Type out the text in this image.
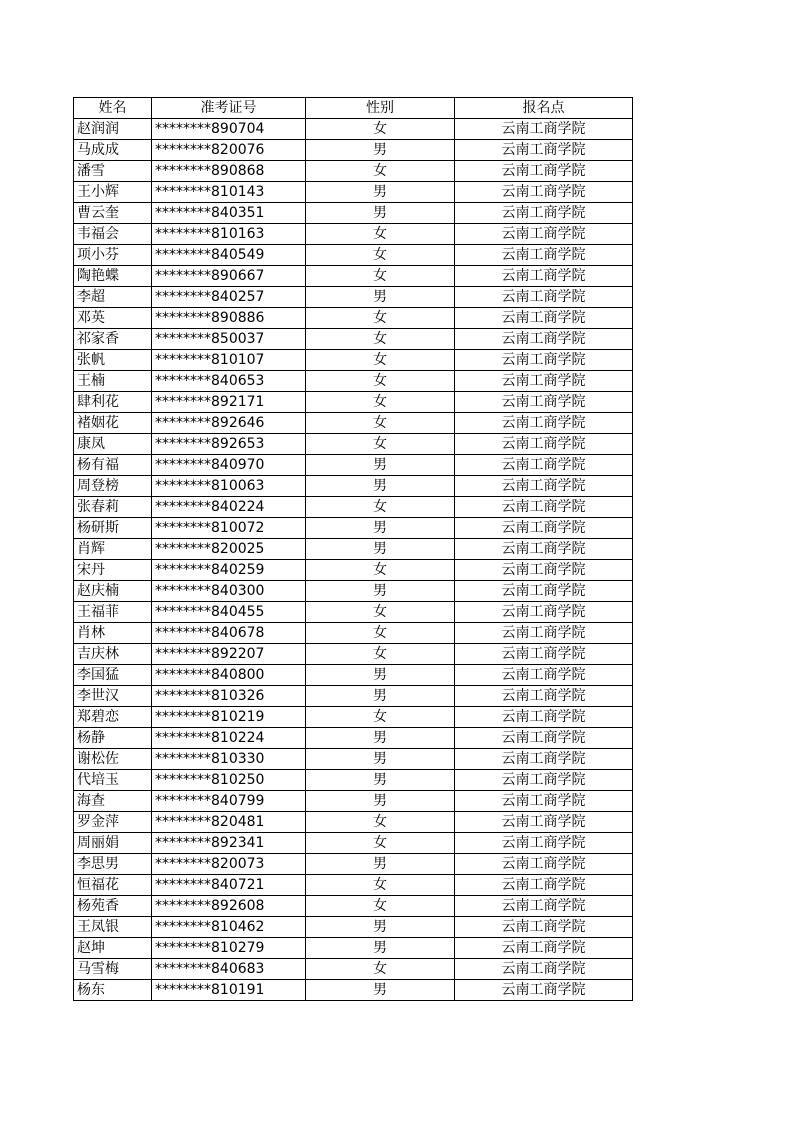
姓名	准考证号	性别	报名点
赵润润	********890704	女	云南工商学院
马成成	********820076	男	云南工商学院
潘雪	********890868	女	云南工商学院
王小辉	********810143	男	云南工商学院
曹云奎	********840351	男	云南工商学院
韦福会	********810163	女	云南工商学院
项小芬	********840549	女	云南工商学院
陶艳蝶	********890667	女	云南工商学院
李超	********840257	男	云南工商学院
邓英	********890886	女	云南工商学院
祁家香	********850037	女	云南工商学院
张帆	********810107	女	云南工商学院
王楠	********840653	女	云南工商学院
肆利花	********892171	女	云南工商学院
褚姻花	********892646	女	云南工商学院
康凤	********892653	女	云南工商学院
杨有福	********840970	男	云南工商学院
周登榜	********810063	男	云南工商学院
张春莉	********840224	女	云南工商学院
杨研斯	********810072	男	云南工商学院
肖辉	********820025	男	云南工商学院
宋丹	********840259	女	云南工商学院
赵庆楠	********840300	男	云南工商学院
王福菲	********840455	女	云南工商学院
肖林	********840678	女	云南工商学院
吉庆林	********892207	女	云南工商学院
李国猛	********840800	男	云南工商学院
李世汉	********810326	男	云南工商学院
郑碧恋	********810219	女	云南工商学院
杨静	********810224	男	云南工商学院
谢松佐	********810330	男	云南工商学院
代培玉	********810250	男	云南工商学院
海查	********840799	男	云南工商学院
罗金萍	********820481	女	云南工商学院
周丽娟	********892341	女	云南工商学院
李思男	********820073	男	云南工商学院
恒福花	********840721	女	云南工商学院
杨苑香	********892608	女	云南工商学院
王凤银	********810462	男	云南工商学院
赵坤	********810279	男	云南工商学院
马雪梅	********840683	女	云南工商学院
杨东	********810191	男	云南工商学院
